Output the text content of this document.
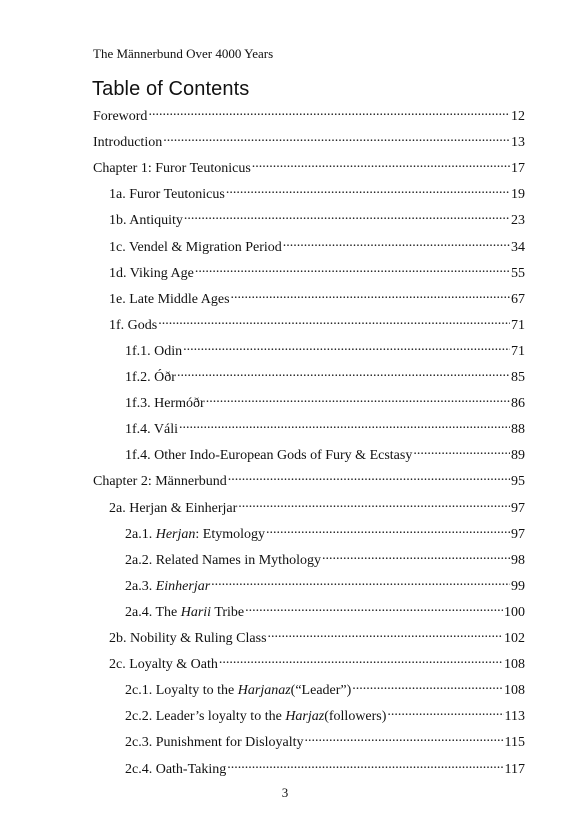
The Männerbund Over 4000 Years
Table of Contents
Foreword .....	12
Introduction .....	13
Chapter 1: Furor Teutonicus .....	17
1a. Furor Teutonicus .....	19
1b. Antiquity .....	23
1c. Vendel & Migration Period .....	34
1d. Viking Age .....	55
1e. Late Middle Ages .....	67
1f. Gods .....	71
1f.1. Odin .....	71
1f.2. Óðr .....	85
1f.3. Hermóðr .....	86
1f.4. Váli .....	88
1f.4. Other Indo-European Gods of Fury & Ecstasy .....	89
Chapter 2: Männerbund .....	95
2a. Herjan & Einherjar .....	97
2a.1. Herjan: Etymology .....	97
2a.2. Related Names in Mythology .....	98
2a.3. Einherjar .....	99
2a.4. The Harii Tribe .....	100
2b. Nobility & Ruling Class .....	102
2c. Loyalty & Oath .....	108
2c.1. Loyalty to the Harjanaz(“Leader”) .....	108
2c.2. Leader’s loyalty to the Harjaz(followers) .....	113
2c.3. Punishment for Disloyalty .....	115
2c.4. Oath-Taking .....	117
3
